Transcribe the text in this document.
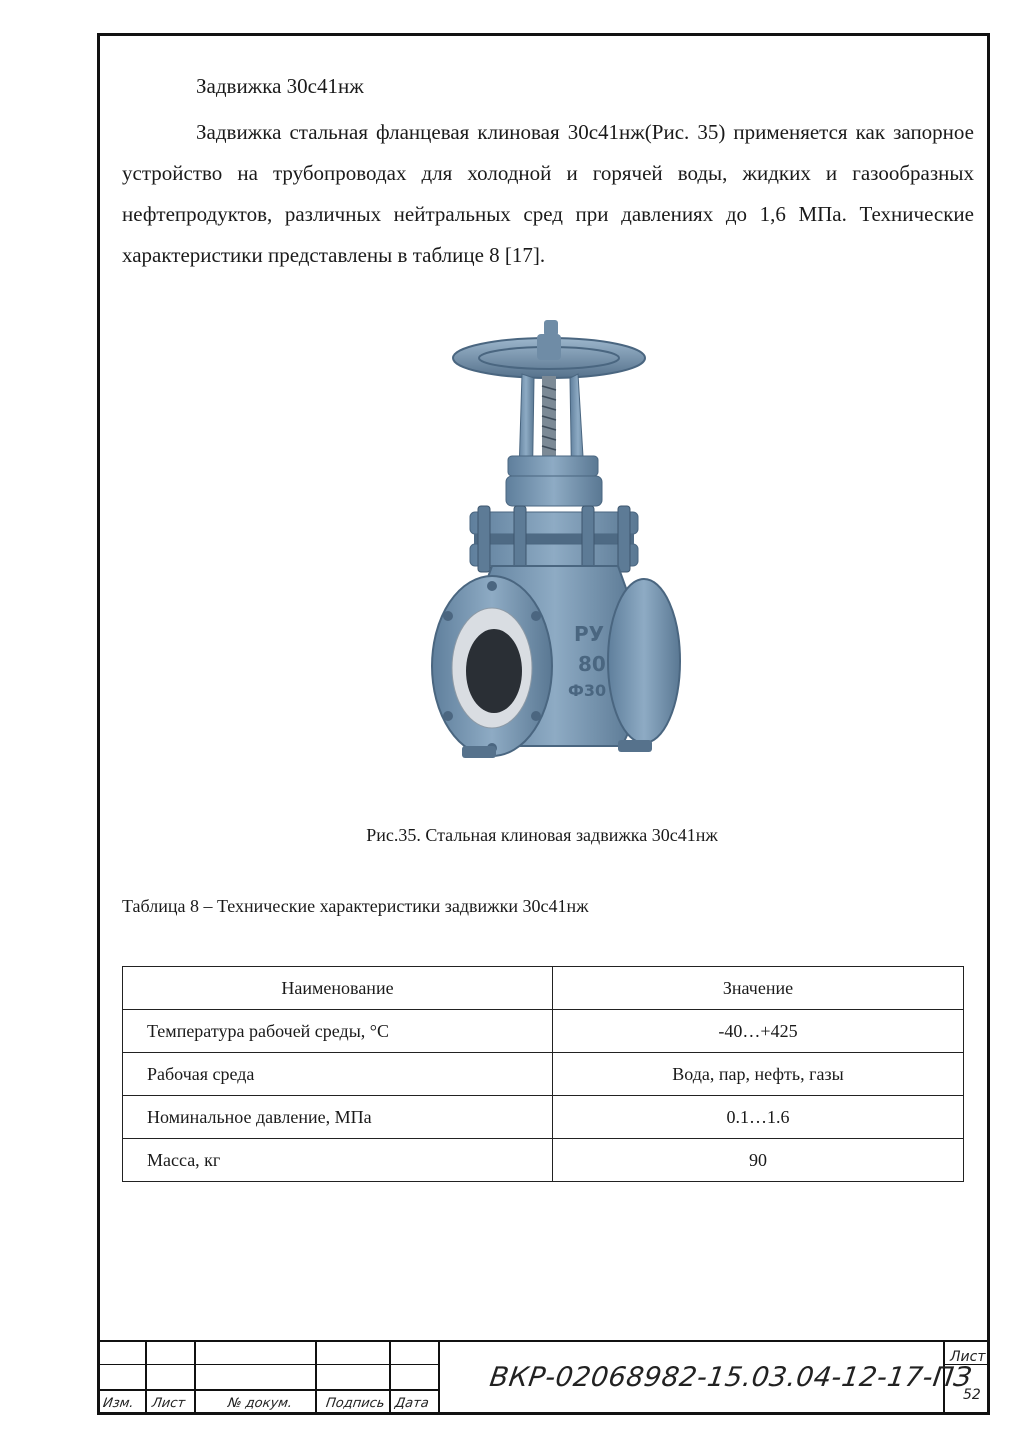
Задвижка 30с41нж

Задвижка стальная фланцевая клиновая 30с41нж(Рис. 35) применяется как запорное устройство на трубопроводах для холодной и горячей воды, жидких и газообразных нефтепродуктов, различных нейтральных сред при давлениях до 1,6 МПа. Технические характеристики представлены в таблице 8 [17].

РУ
80
Ф30
Рис.35. Стальная клиновая задвижка 30с41нж
Таблица 8 – Технические характеристики задвижки 30с41нж
Наименование	Значение
Температура рабочей среды, °С	-40…+425
Рабочая среда	Вода, пар, нефть, газы
Номинальное давление, МПа	0.1…1.6
Масса, кг	90
Изм. Лист	№ докум. Подпись Дата
ВКР-02068982-15.03.04-12-17-ПЗ
Лист
52
